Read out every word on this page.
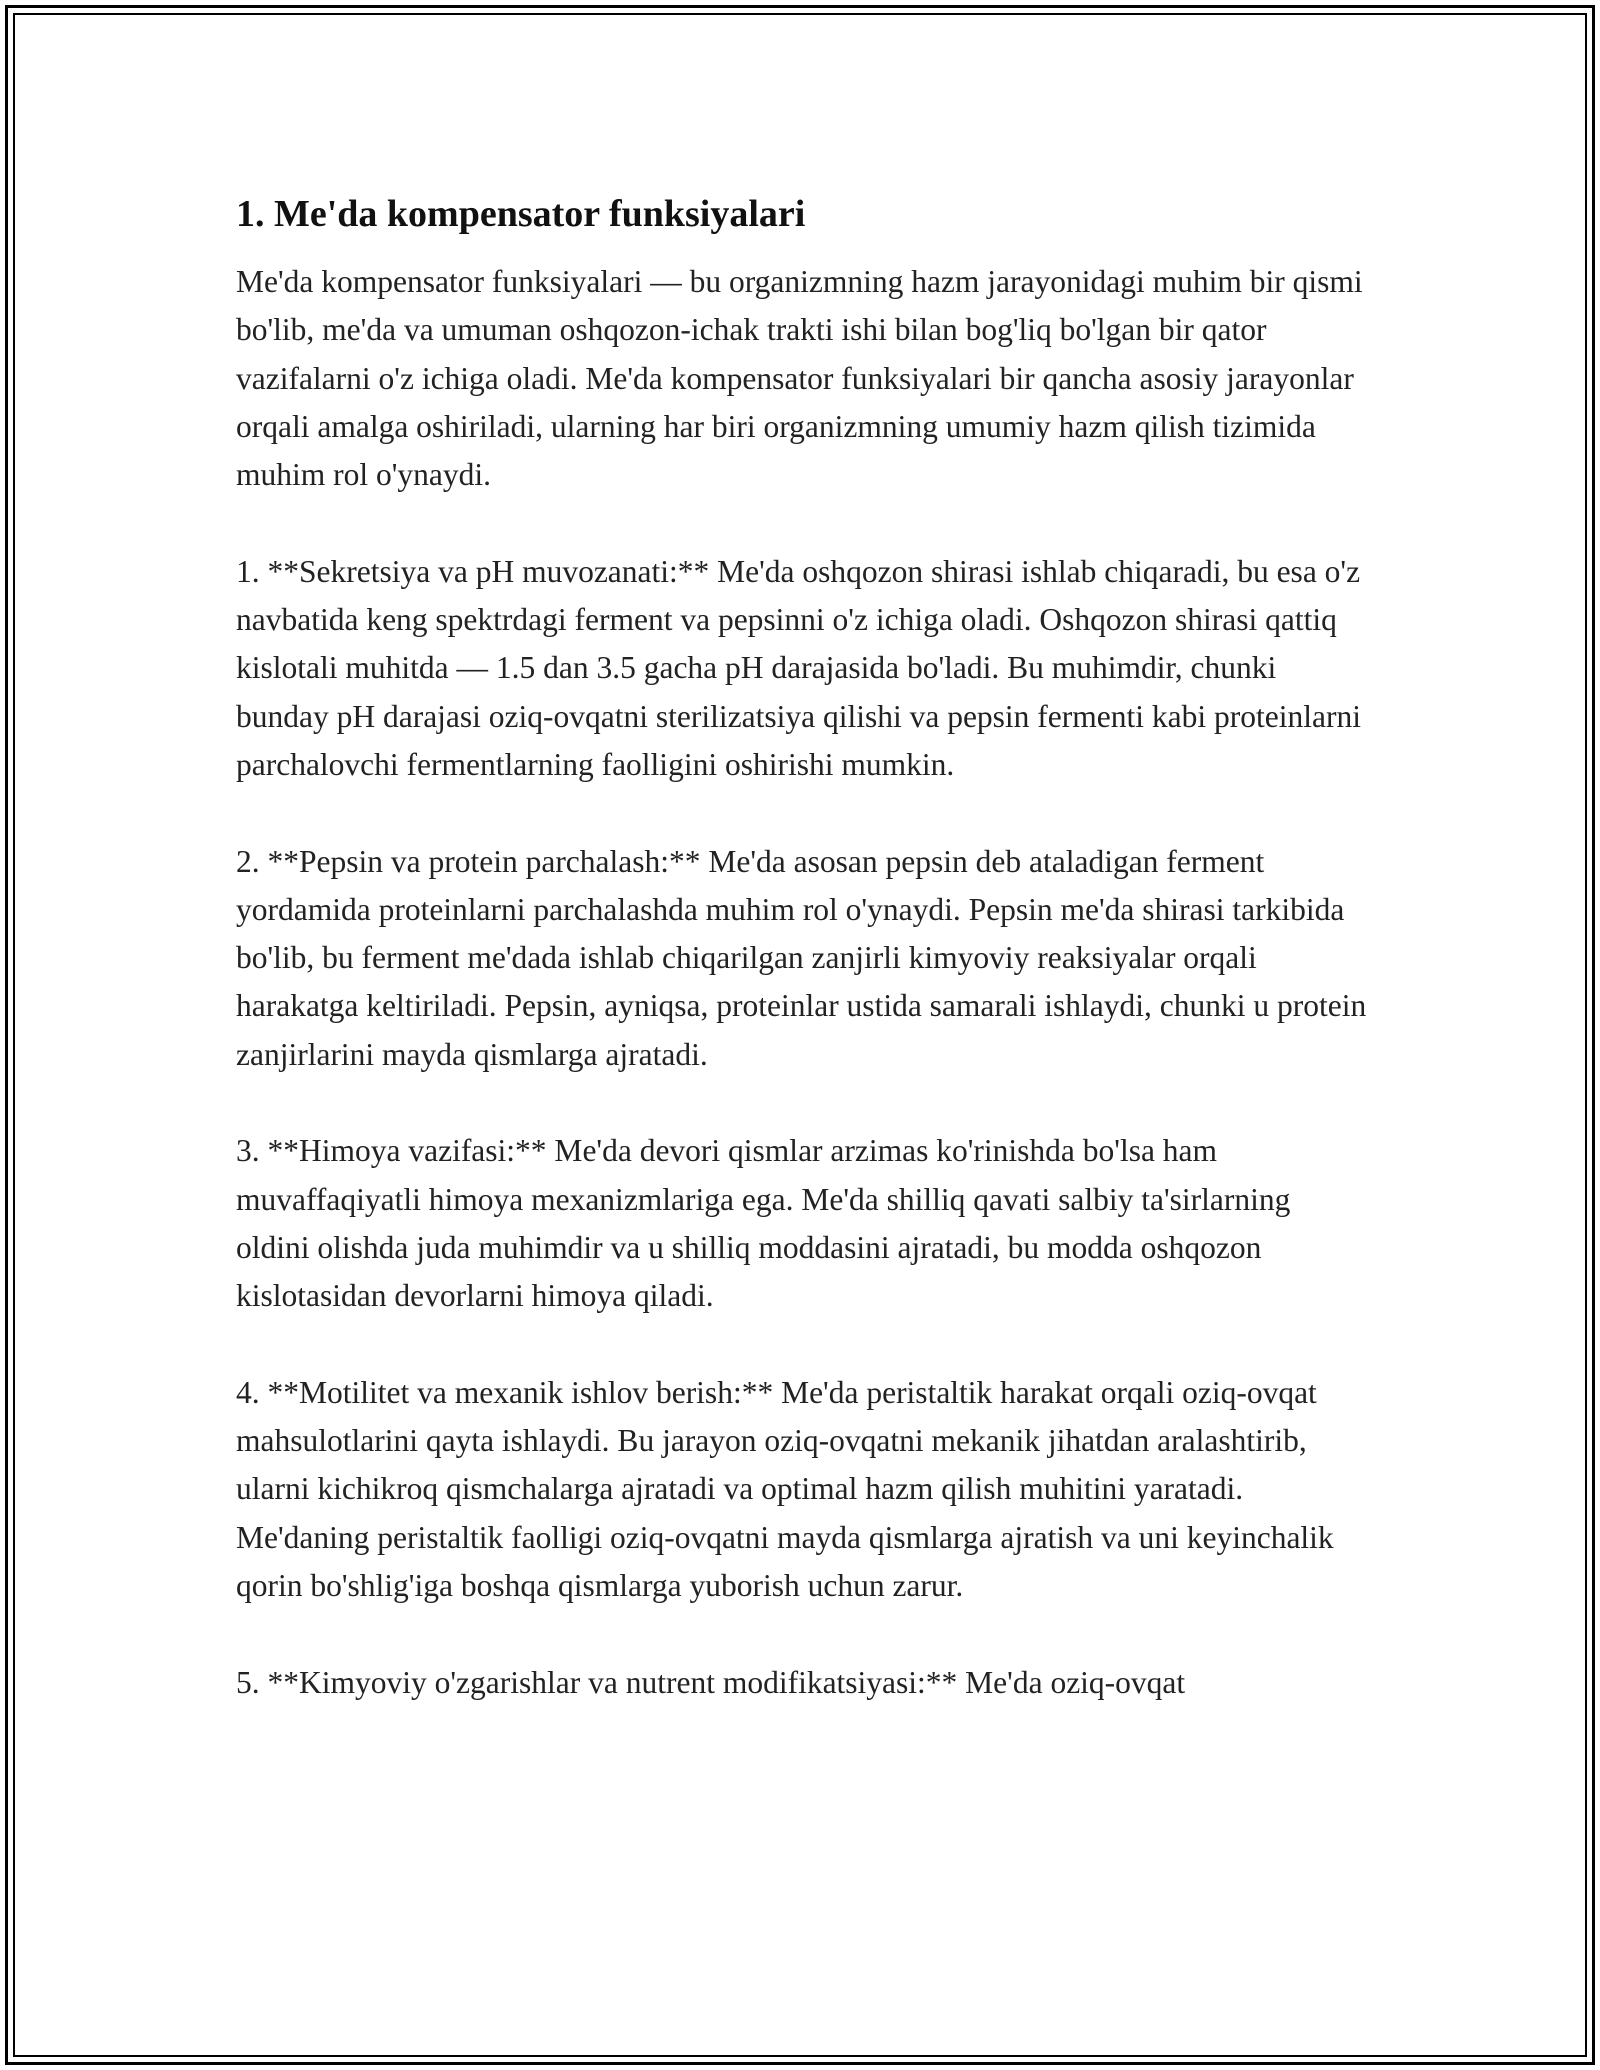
1. Me'da kompensator funksiyalari

Me'da kompensator funksiyalari — bu organizmning hazm jarayonidagi muhim bir qismi bo'lib, me'da va umuman oshqozon-ichak trakti ishi bilan bog'liq bo'lgan bir qator vazifalarni o'z ichiga oladi. Me'da kompensator funksiyalari bir qancha asosiy jarayonlar orqali amalga oshiriladi, ularning har biri organizmning umumiy hazm qilish tizimida muhim rol o'ynaydi.

1. **Sekretsiya va pH muvozanati:** Me'da oshqozon shirasi ishlab chiqaradi, bu esa o'z navbatida keng spektrdagi ferment va pepsinni o'z ichiga oladi. Oshqozon shirasi qattiq kislotali muhitda — 1.5 dan 3.5 gacha pH darajasida bo'ladi. Bu muhimdir, chunki bunday pH darajasi oziq-ovqatni sterilizatsiya qilishi va pepsin fermenti kabi proteinlarni parchalovchi fermentlarning faolligini oshirishi mumkin.

2. **Pepsin va protein parchalash:** Me'da asosan pepsin deb ataladigan ferment yordamida proteinlarni parchalashda muhim rol o'ynaydi. Pepsin me'da shirasi tarkibida bo'lib, bu ferment me'dada ishlab chiqarilgan zanjirli kimyoviy reaksiyalar orqali harakatga keltiriladi. Pepsin, ayniqsa, proteinlar ustida samarali ishlaydi, chunki u protein zanjirlarini mayda qismlarga ajratadi.

3. **Himoya vazifasi:** Me'da devori qismlar arzimas ko'rinishda bo'lsa ham muvaffaqiyatli himoya mexanizmlariga ega. Me'da shilliq qavati salbiy ta'sirlarning oldini olishda juda muhimdir va u shilliq moddasini ajratadi, bu modda oshqozon kislotasidan devorlarni himoya qiladi.

4. **Motilitet va mexanik ishlov berish:** Me'da peristaltik harakat orqali oziq-ovqat mahsulotlarini qayta ishlaydi. Bu jarayon oziq-ovqatni mekanik jihatdan aralashtirib, ularni kichikroq qismchalarga ajratadi va optimal hazm qilish muhitini yaratadi. Me'daning peristaltik faolligi oziq-ovqatni mayda qismlarga ajratish va uni keyinchalik qorin bo'shlig'iga boshqa qismlarga yuborish uchun zarur.

5. **Kimyoviy o'zgarishlar va nutrent modifikatsiyasi:** Me'da oziq-ovqat
